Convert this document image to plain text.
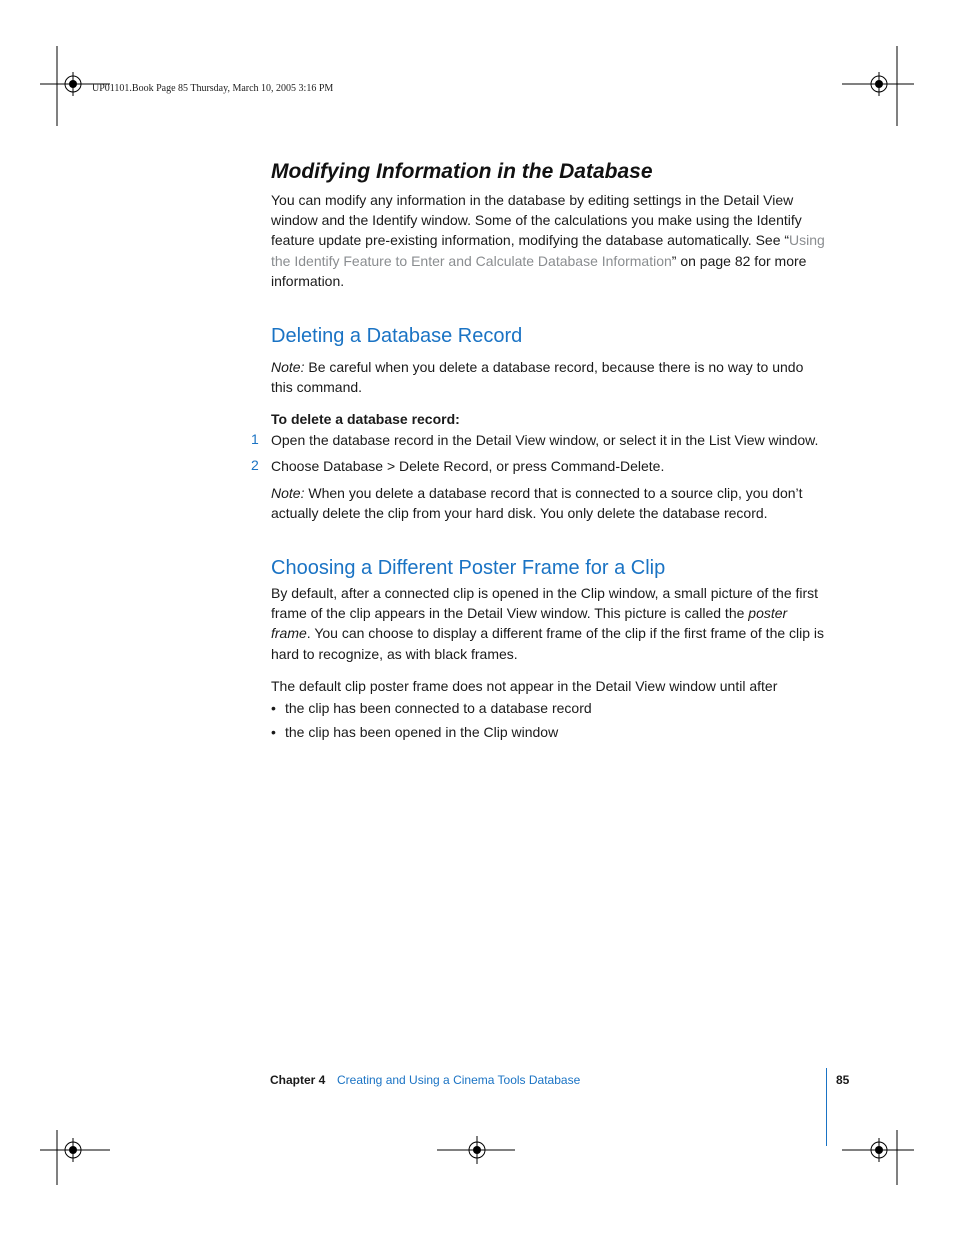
UP01101.Book Page 85 Thursday, March 10, 2005 3:16 PM
Modifying Information in the Database

You can modify any information in the database by editing settings in the Detail View window and the Identify window. Some of the calculations you make using the Identify feature update pre-existing information, modifying the database automatically. See “Using the Identify Feature to Enter and Calculate Database Information” on page 82 for more information.

Deleting a Database Record

Note: Be careful when you delete a database record, because there is no way to undo this command.

To delete a database record:
1 Open the database record in the Detail View window, or select it in the List View window.
2 Choose Database > Delete Record, or press Command-Delete.

Note: When you delete a database record that is connected to a source clip, you don’t actually delete the clip from your hard disk. You only delete the database record.

Choosing a Different Poster Frame for a Clip

By default, after a connected clip is opened in the Clip window, a small picture of the first frame of the clip appears in the Detail View window. This picture is called the poster frame. You can choose to display a different frame of the clip if the first frame of the clip is hard to recognize, as with black frames.

The default clip poster frame does not appear in the Detail View window until after

• the clip has been connected to a database record
• the clip has been opened in the Clip window
Chapter 4 Creating and Using a Cinema Tools Database	85
